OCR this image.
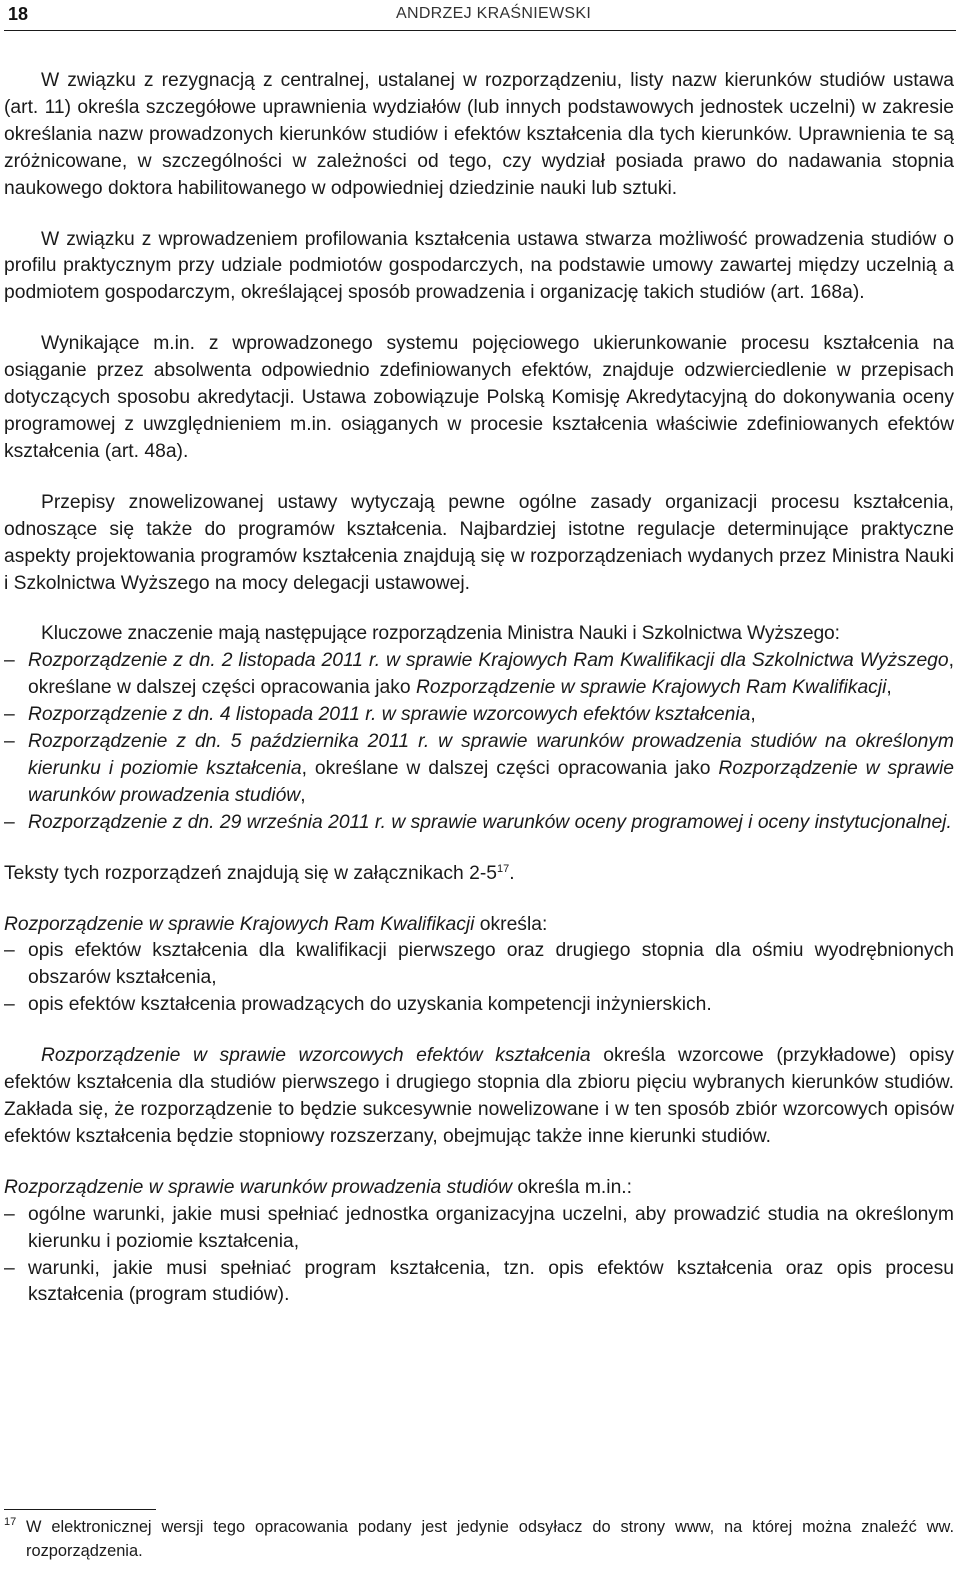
18	ANDRZEJ KRAŚNIEWSKI

W związku z rezygnacją z centralnej, ustalanej w rozporządzeniu, listy nazw kierunków studiów ustawa (art. 11) określa szczegółowe uprawnienia wydziałów (lub innych podstawowych jednostek uczelni) w zakresie określania nazw prowadzonych kierunków studiów i efektów kształcenia dla tych kierunków. Uprawnienia te są zróżnicowane, w szczególności w zależności od tego, czy wydział posiada prawo do nadawania stopnia naukowego doktora habilitowanego w odpowiedniej dziedzinie nauki lub sztuki.

W związku z wprowadzeniem profilowania kształcenia ustawa stwarza możliwość prowadzenia studiów o profilu praktycznym przy udziale podmiotów gospodarczych, na podstawie umowy zawartej między uczelnią a podmiotem gospodarczym, określającej sposób prowadzenia i organizację takich studiów (art. 168a).

Wynikające m.in. z wprowadzonego systemu pojęciowego ukierunkowanie procesu kształcenia na osiąganie przez absolwenta odpowiednio zdefiniowanych efektów, znajduje odzwierciedlenie w przepisach dotyczących sposobu akredytacji. Ustawa zobowiązuje Polską Komisję Akredytacyjną do dokonywania oceny programowej z uwzględnieniem m.in. osiąganych w procesie kształcenia właściwie zdefiniowanych efektów kształcenia (art. 48a).

Przepisy znowelizowanej ustawy wytyczają pewne ogólne zasady organizacji procesu kształcenia, odnoszące się także do programów kształcenia. Najbardziej istotne regulacje determinujące praktyczne aspekty projektowania programów kształcenia znajdują się w rozporządzeniach wydanych przez Ministra Nauki i Szkolnictwa Wyższego na mocy delegacji ustawowej.

Kluczowe znaczenie mają następujące rozporządzenia Ministra Nauki i Szkolnictwa Wyższego:

– Rozporządzenie z dn. 2 listopada 2011 r. w sprawie Krajowych Ram Kwalifikacji dla Szkolnictwa Wyższego, określane w dalszej części opracowania jako Rozporządzenie w sprawie Krajowych Ram Kwalifikacji,
– Rozporządzenie z dn. 4 listopada 2011 r. w sprawie wzorcowych efektów kształcenia,
– Rozporządzenie z dn. 5 października 2011 r. w sprawie warunków prowadzenia studiów na określonym kierunku i poziomie kształcenia, określane w dalszej części opracowania jako Rozporządzenie w sprawie warunków prowadzenia studiów,
– Rozporządzenie z dn. 29 września 2011 r. w sprawie warunków oceny programowej i oceny instytucjonalnej.

Teksty tych rozporządzeń znajdują się w załącznikach $2-5^{17}$.

Rozporządzenie w sprawie Krajowych Ram Kwalifikacji określa:

– opis efektów kształcenia dla kwalifikacji pierwszego oraz drugiego stopnia dla ośmiu wyodrębnionych obszarów kształcenia,
– opis efektów kształcenia prowadzących do uzyskania kompetencji inżynierskich.

Rozporządzenie w sprawie wzorcowych efektów kształcenia określa wzorcowe (przykładowe) opisy efektów kształcenia dla studiów pierwszego i drugiego stopnia dla zbioru pięciu wybranych kierunków studiów. Zakłada się, że rozporządzenie to będzie sukcesywnie nowelizowane i w ten sposób zbiór wzorcowych opisów efektów kształcenia będzie stopniowy rozszerzany, obejmując także inne kierunki studiów.

Rozporządzenie w sprawie warunków prowadzenia studiów określa m.in.:

– ogólne warunki, jakie musi spełniać jednostka organizacyjna uczelni, aby prowadzić studia na określonym kierunku i poziomie kształcenia,
– warunki, jakie musi spełniać program kształcenia, tzn. opis efektów kształcenia oraz opis procesu kształcenia (program studiów).
17 W elektronicznej wersji tego opracowania podany jest jedynie odsyłacz do strony www, na której można znaleźć ww. rozporządzenia.
